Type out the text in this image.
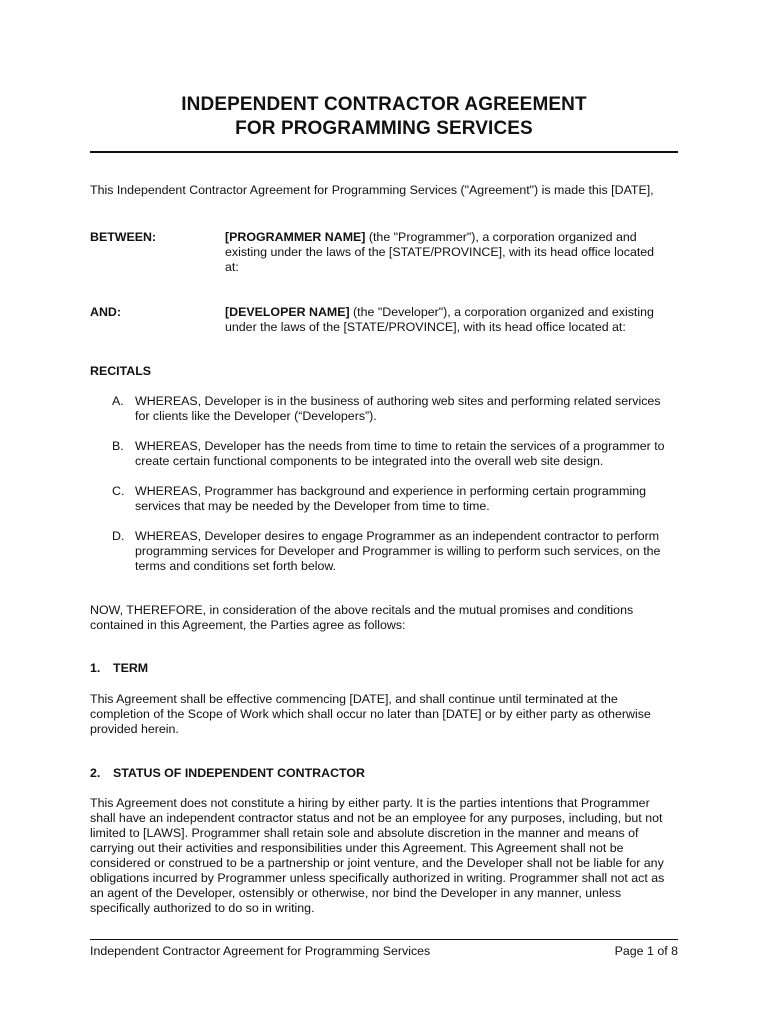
INDEPENDENT CONTRACTOR AGREEMENT
FOR PROGRAMMING SERVICES
This Independent Contractor Agreement for Programming Services ("Agreement") is made this [DATE],
BETWEEN:	[PROGRAMMER NAME] (the "Programmer"), a corporation organized and
existing under the laws of the [STATE/PROVINCE], with its head office located
at:
AND:	[DEVELOPER NAME] (the "Developer"), a corporation organized and existing
under the laws of the [STATE/PROVINCE], with its head office located at:
RECITALS
A. WHEREAS, Developer is in the business of authoring web sites and performing related services
for clients like the Developer (“Developers”).
B. WHEREAS, Developer has the needs from time to time to retain the services of a programmer to
create certain functional components to be integrated into the overall web site design.
C. WHEREAS, Programmer has background and experience in performing certain programming
services that may be needed by the Developer from time to time.
D. WHEREAS, Developer desires to engage Programmer as an independent contractor to perform
programming services for Developer and Programmer is willing to perform such services, on the
terms and conditions set forth below.
NOW, THEREFORE, in consideration of the above recitals and the mutual promises and conditions
contained in this Agreement, the Parties agree as follows:
1. TERM
This Agreement shall be effective commencing [DATE], and shall continue until terminated at the
completion of the Scope of Work which shall occur no later than [DATE] or by either party as otherwise
provided herein.
2. STATUS OF INDEPENDENT CONTRACTOR
This Agreement does not constitute a hiring by either party. It is the parties intentions that Programmer
shall have an independent contractor status and not be an employee for any purposes, including, but not
limited to [LAWS]. Programmer shall retain sole and absolute discretion in the manner and means of
carrying out their activities and responsibilities under this Agreement. This Agreement shall not be
considered or construed to be a partnership or joint venture, and the Developer shall not be liable for any
obligations incurred by Programmer unless specifically authorized in writing. Programmer shall not act as
an agent of the Developer, ostensibly or otherwise, nor bind the Developer in any manner, unless
specifically authorized to do so in writing.
Independent Contractor Agreement for Programming Services	Page 1 of 8
